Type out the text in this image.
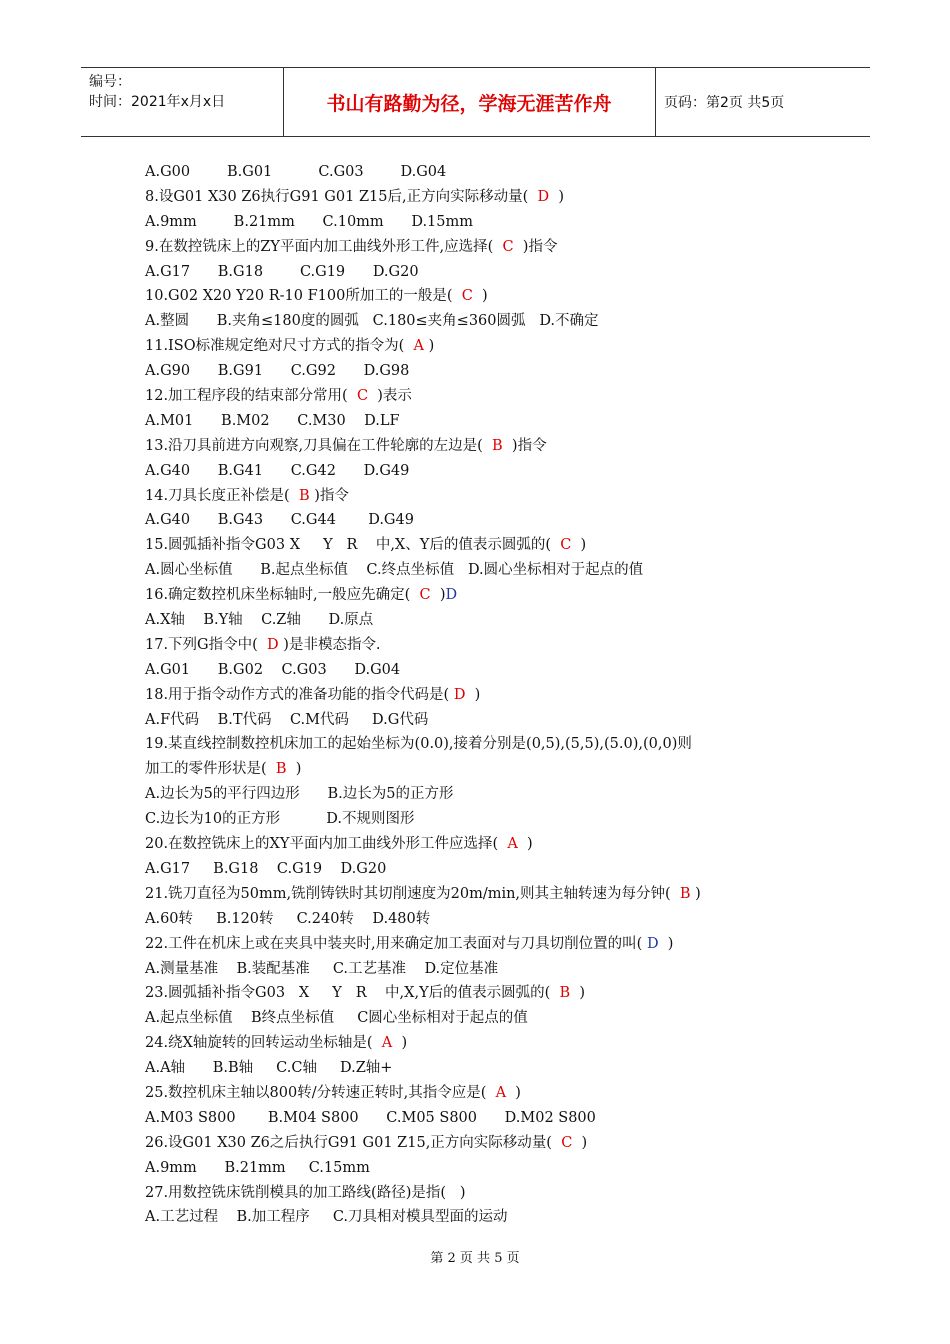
编号：
时间：2021年x月x日	书山有路勤为径，学海无涯苦作舟	页码：第2页 共5页
A.G00        B.G01          C.G03        D.G04
8.设G01 X30 Z6执行G91 G01 Z15后,正方向实际移动量(  D  )
A.9mm        B.21mm      C.10mm      D.15mm
9.在数控铣床上的ZY平面内加工曲线外形工件,应选择(  C  )指令
A.G17      B.G18        C.G19      D.G20
10.G02 X20 Y20 R-10 F100所加工的一般是(  C  )
A.整圆      B.夹角≤180度的圆弧   C.180≤夹角≤360圆弧   D.不确定
11.ISO标准规定绝对尺寸方式的指令为(  A )
A.G90      B.G91      C.G92      D.G98
12.加工程序段的结束部分常用(  C  )表示
A.M01      B.M02      C.M30    D.LF
13.沿刀具前进方向观察,刀具偏在工件轮廓的左边是(  B  )指令
A.G40      B.G41      C.G42      D.G49
14.刀具长度正补偿是(  B )指令
A.G40      B.G43      C.G44       D.G49
15.圆弧插补指令G03 X     Y   R    中,X、Y后的值表示圆弧的(  C  )
A.圆心坐标值      B.起点坐标值    C.终点坐标值   D.圆心坐标相对于起点的值
16.确定数控机床坐标轴时,一般应先确定(  C  )D
A.X轴    B.Y轴    C.Z轴      D.原点
17.下列G指令中(  D )是非模态指令.
A.G01      B.G02    C.G03      D.G04
18.用于指令动作方式的准备功能的指令代码是( D  )
A.F代码    B.T代码    C.M代码     D.G代码
19.某直线控制数控机床加工的起始坐标为(0.0),接着分别是(0,5),(5,5),(5.0),(0,0)则
加工的零件形状是(  B  )
A.边长为5的平行四边形      B.边长为5的正方形
C.边长为10的正方形          D.不规则图形
20.在数控铣床上的XY平面内加工曲线外形工件应选择(  A  )
A.G17     B.G18    C.G19    D.G20
21.铣刀直径为50mm,铣削铸铁时其切削速度为20m/min,则其主轴转速为每分钟(  B )
A.60转     B.120转     C.240转    D.480转
22.工件在机床上或在夹具中装夹时,用来确定加工表面对与刀具切削位置的叫( D  )
A.测量基准    B.装配基准     C.工艺基准    D.定位基准
23.圆弧插补指令G03   X     Y   R    中,X,Y后的值表示圆弧的(  B  )
A.起点坐标值    B终点坐标值     C圆心坐标相对于起点的值
24.绕X轴旋转的回转运动坐标轴是(  A  )
A.A轴      B.B轴     C.C轴     D.Z轴+
25.数控机床主轴以800转/分转速正转时,其指令应是(  A  )
A.M03 S800       B.M04 S800      C.M05 S800      D.M02 S800
26.设G01 X30 Z6之后执行G91 G01 Z15,正方向实际移动量(  C  )
A.9mm      B.21mm     C.15mm
27.用数控铣床铣削模具的加工路线(路径)是指(   )
A.工艺过程    B.加工程序     C.刀具相对模具型面的运动
第 2 页 共 5 页
